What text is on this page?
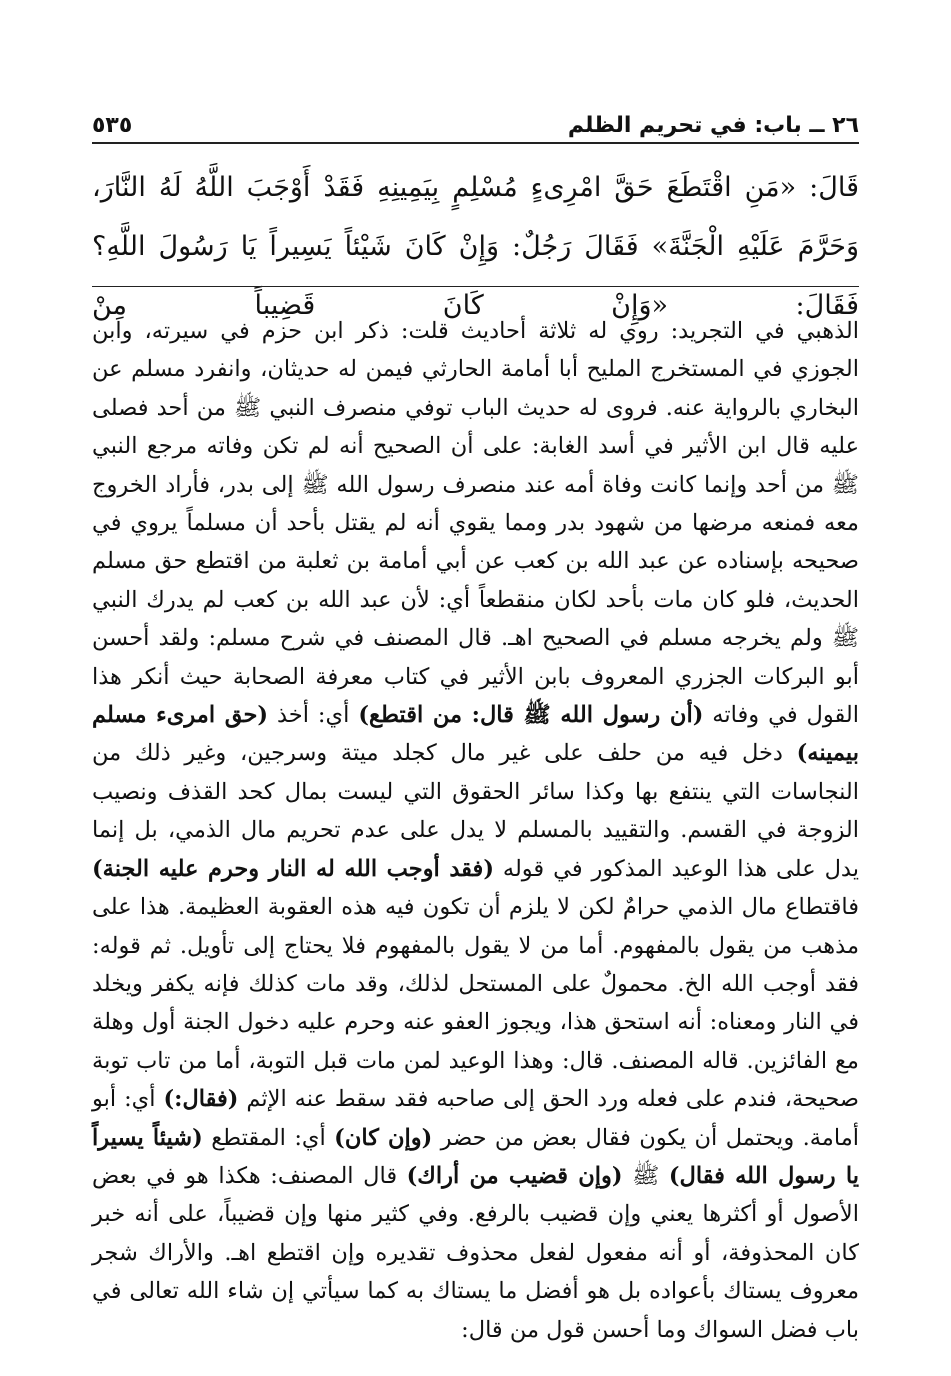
٢٦ ــ باب: في تحريم الظلم
٥٣٥

قَالَ: «مَنِ اقْتَطَعَ حَقَّ امْرِىءٍ مُسْلِمٍ بِيَمِينِهِ فَقَدْ أَوْجَبَ اللَّهُ لَهُ النَّارَ، وَحَرَّمَ عَلَيْهِ الْجَنَّةَ» فَقَالَ رَجُلٌ: وَإِنْ كَانَ شَيْئاً يَسِيراً يَا رَسُولَ اللَّهِ؟ فَقَالَ: «وَإِنْ كَانَ قَضِيباً مِنْ

الذهبي في التجريد: روي له ثلاثة أحاديث قلت: ذكر ابن حزم في سيرته، وابن الجوزي في المستخرج المليح أبا أمامة الحارثي فيمن له حديثان، وانفرد مسلم عن البخاري بالرواية عنه. فروى له حديث الباب توفي منصرف النبي ﷺ من أحد فصلى عليه قال ابن الأثير في أسد الغابة: على أن الصحيح أنه لم تكن وفاته مرجع النبي ﷺ من أحد وإنما كانت وفاة أمه عند منصرف رسول الله ﷺ إلى بدر، فأراد الخروج معه فمنعه مرضها من شهود بدر ومما يقوي أنه لم يقتل بأحد أن مسلماً يروي في صحيحه بإسناده عن عبد الله بن كعب عن أبي أمامة بن ثعلبة من اقتطع حق مسلم الحديث، فلو كان مات بأحد لكان منقطعاً أي: لأن عبد الله بن كعب لم يدرك النبي ﷺ ولم يخرجه مسلم في الصحيح اهـ. قال المصنف في شرح مسلم: ولقد أحسن أبو البركات الجزري المعروف بابن الأثير في كتاب معرفة الصحابة حيث أنكر هذا القول في وفاته (أن رسول الله ﷺ قال: من اقتطع) أي: أخذ (حق امرىء مسلم بيمينه) دخل فيه من حلف على غير مال كجلد ميتة وسرجين، وغير ذلك من النجاسات التي ينتفع بها وكذا سائر الحقوق التي ليست بمال كحد القذف ونصيب الزوجة في القسم. والتقييد بالمسلم لا يدل على عدم تحريم مال الذمي، بل إنما يدل على هذا الوعيد المذكور في قوله (فقد أوجب الله له النار وحرم عليه الجنة) فاقتطاع مال الذمي حرامٌ لكن لا يلزم أن تكون فيه هذه العقوبة العظيمة. هذا على مذهب من يقول بالمفهوم. أما من لا يقول بالمفهوم فلا يحتاج إلى تأويل. ثم قوله: فقد أوجب الله الخ. محمولٌ على المستحل لذلك، وقد مات كذلك فإنه يكفر ويخلد في النار ومعناه: أنه استحق هذا، ويجوز العفو عنه وحرم عليه دخول الجنة أول وهلة مع الفائزين. قاله المصنف. قال: وهذا الوعيد لمن مات قبل التوبة، أما من تاب توبة صحيحة، فندم على فعله ورد الحق إلى صاحبه فقد سقط عنه الإثم (فقال:) أي: أبو أمامة. ويحتمل أن يكون فقال بعض من حضر (وإن كان) أي: المقتطع (شيئاً يسيراً يا رسول الله فقال) ﷺ (وإن قضيب من أراك) قال المصنف: هكذا هو في بعض الأصول أو أكثرها يعني وإن قضيب بالرفع. وفي كثير منها وإن قضيباً، على أنه خبر كان المحذوفة، أو أنه مفعول لفعل محذوف تقديره وإن اقتطع اهـ. والأراك شجر معروف يستاك بأعواده بل هو أفضل ما يستاك به كما سيأتي إن شاء الله تعالى في باب فضل السواك وما أحسن قول من قال:
